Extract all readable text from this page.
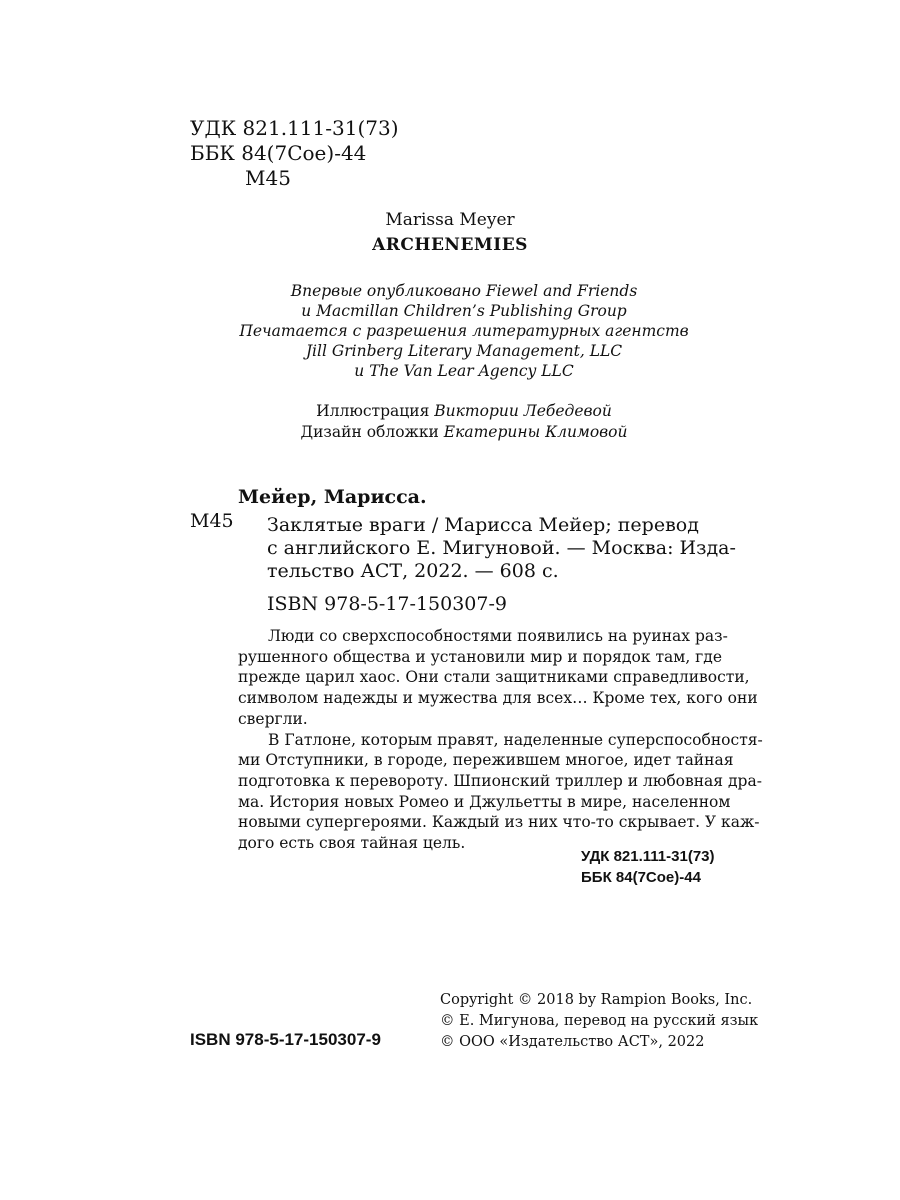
УДК 821.111-31(73)
ББК 84(7Сое)-44
М45
Marissa Meyer
ARCHENEMIES
Впервые опубликовано Fiewel and Friends
и Macmillan Children’s Publishing Group
Печатается с разрешения литературных агентств
Jill Grinberg Literary Management, LLC
и The Van Lear Agency LLC
Иллюстрация Виктории Лебедевой
Дизайн обложки Екатерины Климовой
Мейер, Марисса.
М45 Заклятые враги / Марисса Мейер; перевод
с английского Е. Мигуновой. — Москва: Изда-
тельство АСТ, 2022. — 608 с.
ISBN 978-5-17-150307-9

Люди со сверхспособностями появились на руинах раз-
рушенного общества и установили мир и порядок там, где
прежде царил хаос. Они стали защитниками справедливости,
символом надежды и мужества для всех… Кроме тех, кого они
свергли.

В Гатлоне, которым правят, наделенные суперспособностя-
ми Отступники, в городе, пережившем многое, идет тайная
подготовка к перевороту. Шпионский триллер и любовная дра-
ма. История новых Ромео и Джульетты в мире, населенном
новыми супергероями. Каждый из них что-то скрывает. У каж-
дого есть своя тайная цель.

УДК 821.111-31(73)
ББК 84(7Сое)-44
ISBN 978-5-17-150307-9
Copyright © 2018 by Rampion Books, Inc.
© Е. Мигунова, перевод на русский язык
© ООО «Издательство АСТ», 2022
